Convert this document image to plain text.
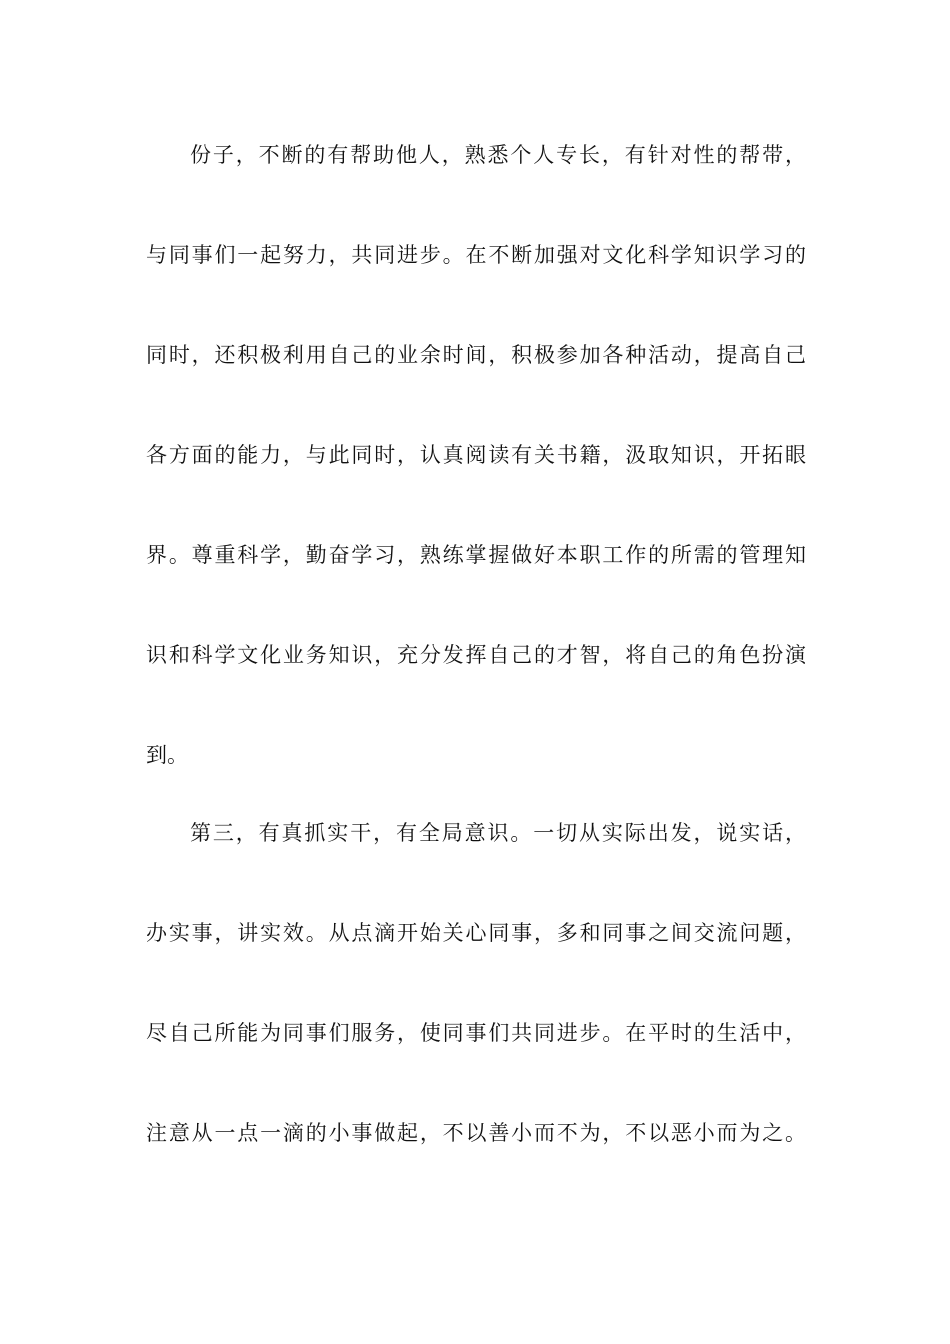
份子，不断的有帮助他人，熟悉个人专长，有针对性的帮带，
与同事们一起努力，共同进步。在不断加强对文化科学知识学习的
同时，还积极利用自己的业余时间，积极参加各种活动，提高自己
各方面的能力，与此同时，认真阅读有关书籍，汲取知识，开拓眼
界。尊重科学，勤奋学习，熟练掌握做好本职工作的所需的管理知
识和科学文化业务知识，充分发挥自己的才智，将自己的角色扮演
到。
第三，有真抓实干，有全局意识。一切从实际出发，说实话，
办实事，讲实效。从点滴开始关心同事，多和同事之间交流问题，
尽自己所能为同事们服务，使同事们共同进步。在平时的生活中，
注意从一点一滴的小事做起，不以善小而不为，不以恶小而为之。
